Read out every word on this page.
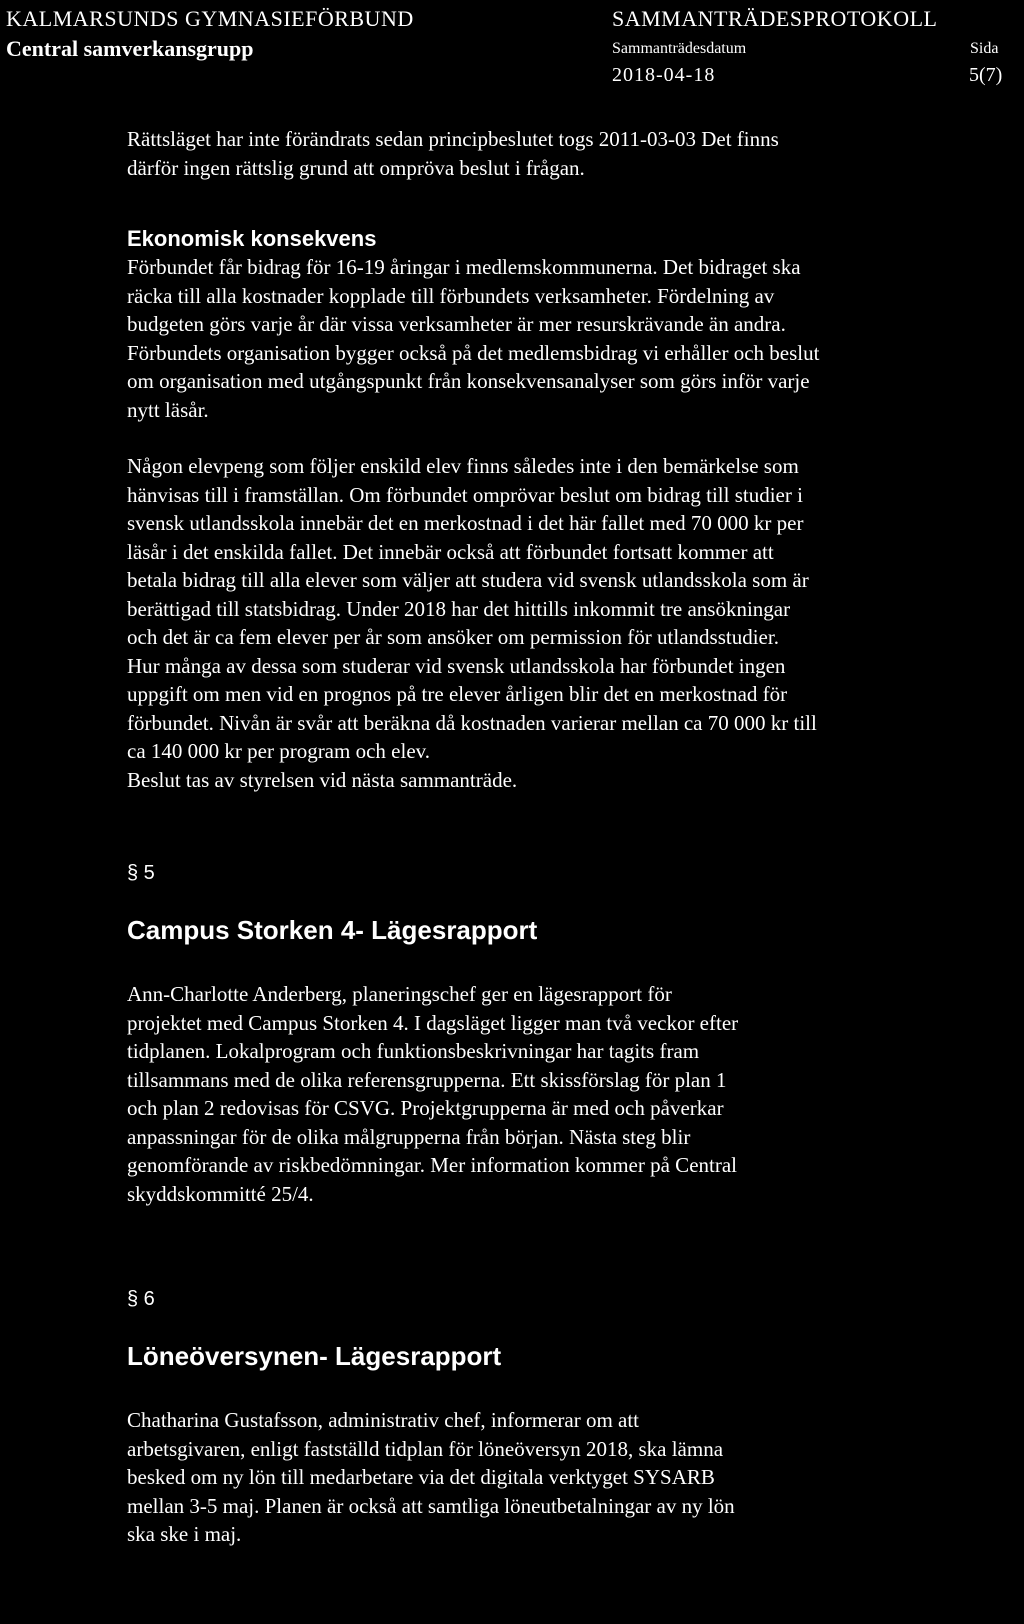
KALMARSUNDS GYMNASIEFÖRBUND
Central samverkansgrupp
SAMMANTRÄDESPROTOKOLL
Sammanträdesdatum	Sida
2018-04-18	5(7)

Rättsläget har inte förändrats sedan principbeslutet togs 2011-03-03 Det finns
därför ingen rättslig grund att ompröva beslut i frågan.

Ekonomisk konsekvens

Förbundet får bidrag för 16-19 åringar i medlemskommunerna. Det bidraget ska
räcka till alla kostnader kopplade till förbundets verksamheter. Fördelning av
budgeten görs varje år där vissa verksamheter är mer resurskrävande än andra.
Förbundets organisation bygger också på det medlemsbidrag vi erhåller och beslut
om organisation med utgångspunkt från konsekvensanalyser som görs inför varje
nytt läsår.

Någon elevpeng som följer enskild elev finns således inte i den bemärkelse som
hänvisas till i framställan. Om förbundet omprövar beslut om bidrag till studier i
svensk utlandsskola innebär det en merkostnad i det här fallet med 70 000 kr per
läsår i det enskilda fallet. Det innebär också att förbundet fortsatt kommer att
betala bidrag till alla elever som väljer att studera vid svensk utlandsskola som är
berättigad till statsbidrag. Under 2018 har det hittills inkommit tre ansökningar
och det är ca fem elever per år som ansöker om permission för utlandsstudier.
Hur många av dessa som studerar vid svensk utlandsskola har förbundet ingen
uppgift om men vid en prognos på tre elever årligen blir det en merkostnad för
förbundet. Nivån är svår att beräkna då kostnaden varierar mellan ca 70 000 kr till
ca 140 000 kr per program och elev.
Beslut tas av styrelsen vid nästa sammanträde.

§ 5

Campus Storken 4- Lägesrapport

Ann-Charlotte Anderberg, planeringschef ger en lägesrapport för
projektet med Campus Storken 4. I dagsläget ligger man två veckor efter
tidplanen. Lokalprogram och funktionsbeskrivningar har tagits fram
tillsammans med de olika referensgrupperna. Ett skissförslag för plan 1
och plan 2 redovisas för CSVG. Projektgrupperna är med och påverkar
anpassningar för de olika målgrupperna från början. Nästa steg blir
genomförande av riskbedömningar. Mer information kommer på Central
skyddskommitté 25/4.

§ 6

Löneöversynen- Lägesrapport

Chatharina Gustafsson, administrativ chef, informerar om att
arbetsgivaren, enligt fastställd tidplan för löneöversyn 2018, ska lämna
besked om ny lön till medarbetare via det digitala verktyget SYSARB
mellan 3-5 maj. Planen är också att samtliga löneutbetalningar av ny lön
ska ske i maj.
